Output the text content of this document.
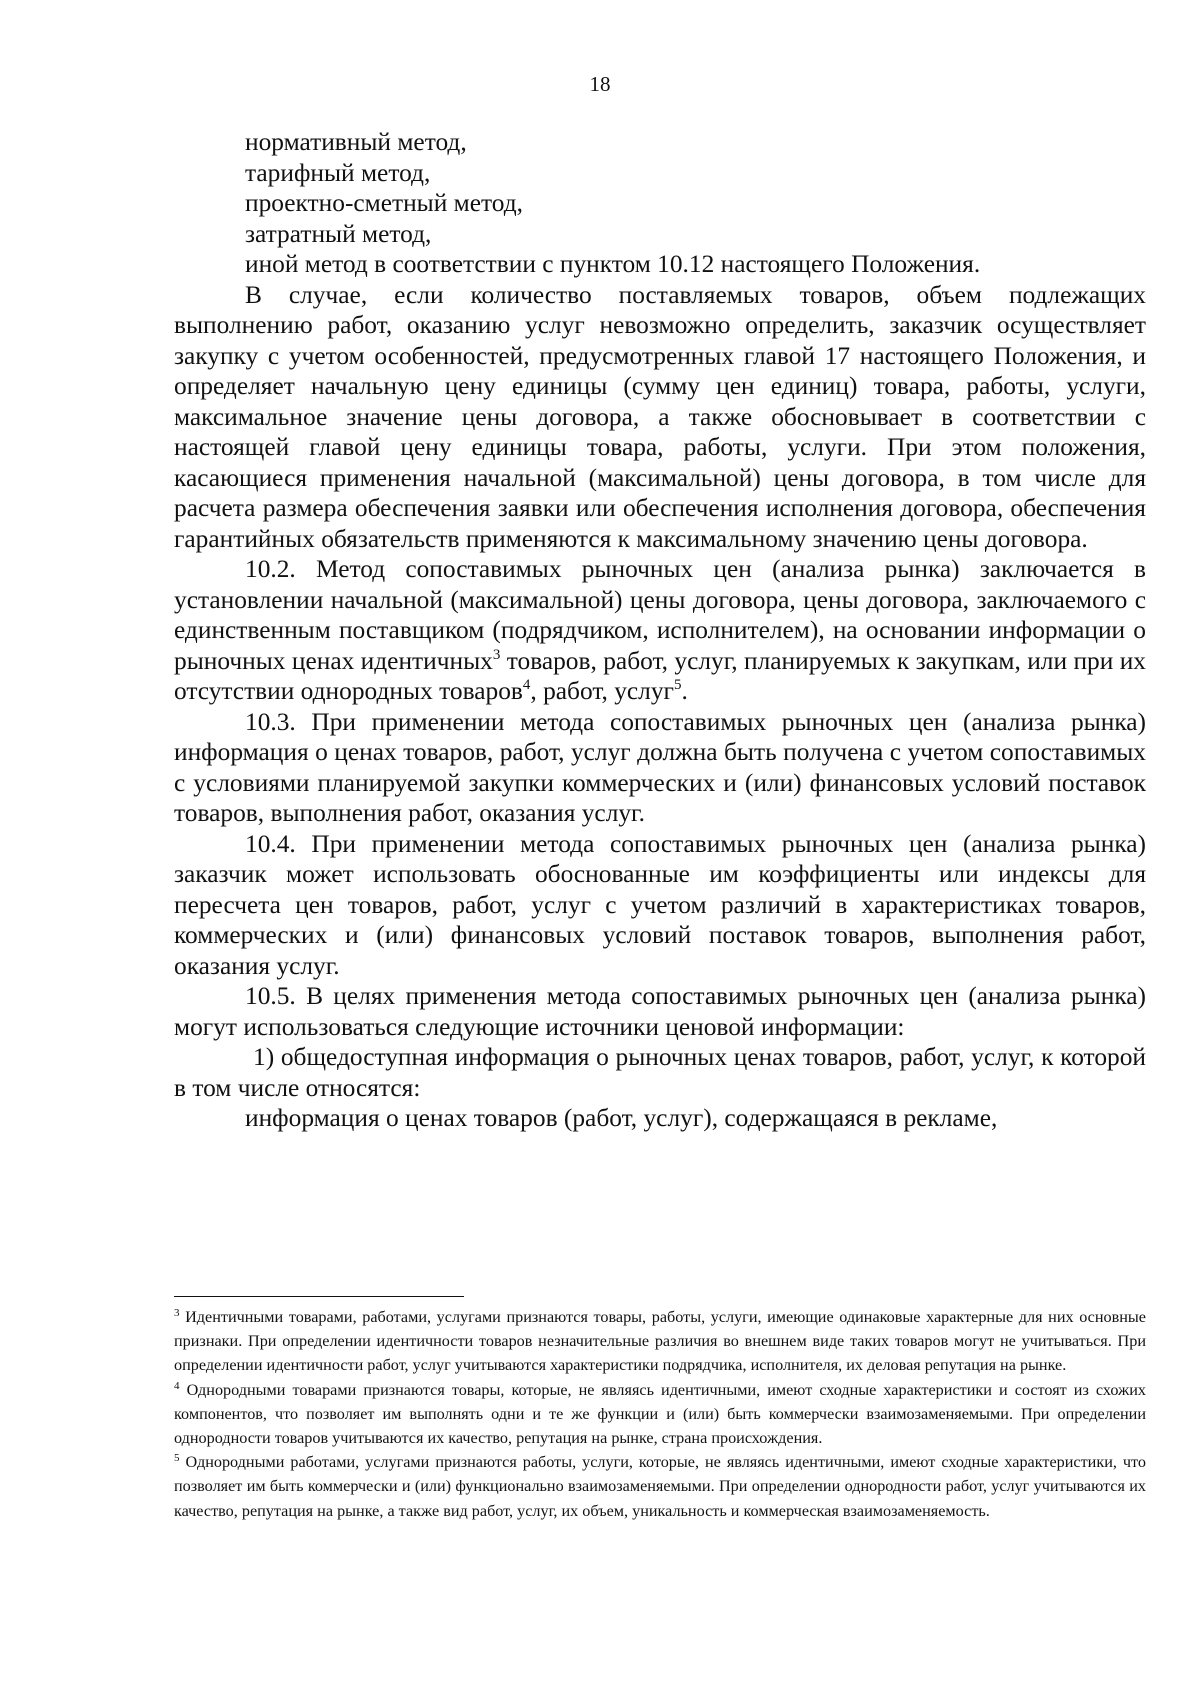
18

нормативный метод,

тарифный метод,

проектно-сметный метод,

затратный метод,

иной метод в соответствии с пунктом 10.12 настоящего Положения.

В случае, если количество поставляемых товаров, объем подлежащих выполнению работ, оказанию услуг невозможно определить, заказчик осуществляет закупку с учетом особенностей, предусмотренных главой 17 настоящего Положения, и определяет начальную цену единицы (сумму цен единиц) товара, работы, услуги, максимальное значение цены договора, а также обосновывает в соответствии с настоящей главой цену единицы товара, работы, услуги. При этом положения, касающиеся применения начальной (максимальной) цены договора, в том числе для расчета размера обеспечения заявки или обеспечения исполнения договора, обеспечения гарантийных обязательств применяются к максимальному значению цены договора.

10.2. Метод сопоставимых рыночных цен (анализа рынка) заключается в установлении начальной (максимальной) цены договора, цены договора, заключаемого с единственным поставщиком (подрядчиком, исполнителем), на основании информации о рыночных ценах идентичных$^3$ товаров, работ, услуг, планируемых к закупкам, или при их отсутствии однородных товаров$^4$, работ, услуг$^5$.

10.3. При применении метода сопоставимых рыночных цен (анализа рынка) информация о ценах товаров, работ, услуг должна быть получена с учетом сопоставимых с условиями планируемой закупки коммерческих и (или) финансовых условий поставок товаров, выполнения работ, оказания услуг.

10.4. При применении метода сопоставимых рыночных цен (анализа рынка) заказчик может использовать обоснованные им коэффициенты или индексы для пересчета цен товаров, работ, услуг с учетом различий в характеристиках товаров, коммерческих и (или) финансовых условий поставок товаров, выполнения работ, оказания услуг.

10.5. В целях применения метода сопоставимых рыночных цен (анализа рынка) могут использоваться следующие источники ценовой информации:

1) общедоступная информация о рыночных ценах товаров, работ, услуг, к которой в том числе относятся:

информация о ценах товаров (работ, услуг), содержащаяся в рекламе,

$^3$ Идентичными товарами, работами, услугами признаются товары, работы, услуги, имеющие одинаковые характерные для них основные признаки. При определении идентичности товаров незначительные различия во внешнем виде таких товаров могут не учитываться. При определении идентичности работ, услуг учитываются характеристики подрядчика, исполнителя, их деловая репутация на рынке.

$^4$ Однородными товарами признаются товары, которые, не являясь идентичными, имеют сходные характеристики и состоят из схожих компонентов, что позволяет им выполнять одни и те же функции и (или) быть коммерчески взаимозаменяемыми. При определении однородности товаров учитываются их качество, репутация на рынке, страна происхождения.

$^5$ Однородными работами, услугами признаются работы, услуги, которые, не являясь идентичными, имеют сходные характеристики, что позволяет им быть коммерчески и (или) функционально взаимозаменяемыми. При определении однородности работ, услуг учитываются их качество, репутация на рынке, а также вид работ, услуг, их объем, уникальность и коммерческая взаимозаменяемость.
